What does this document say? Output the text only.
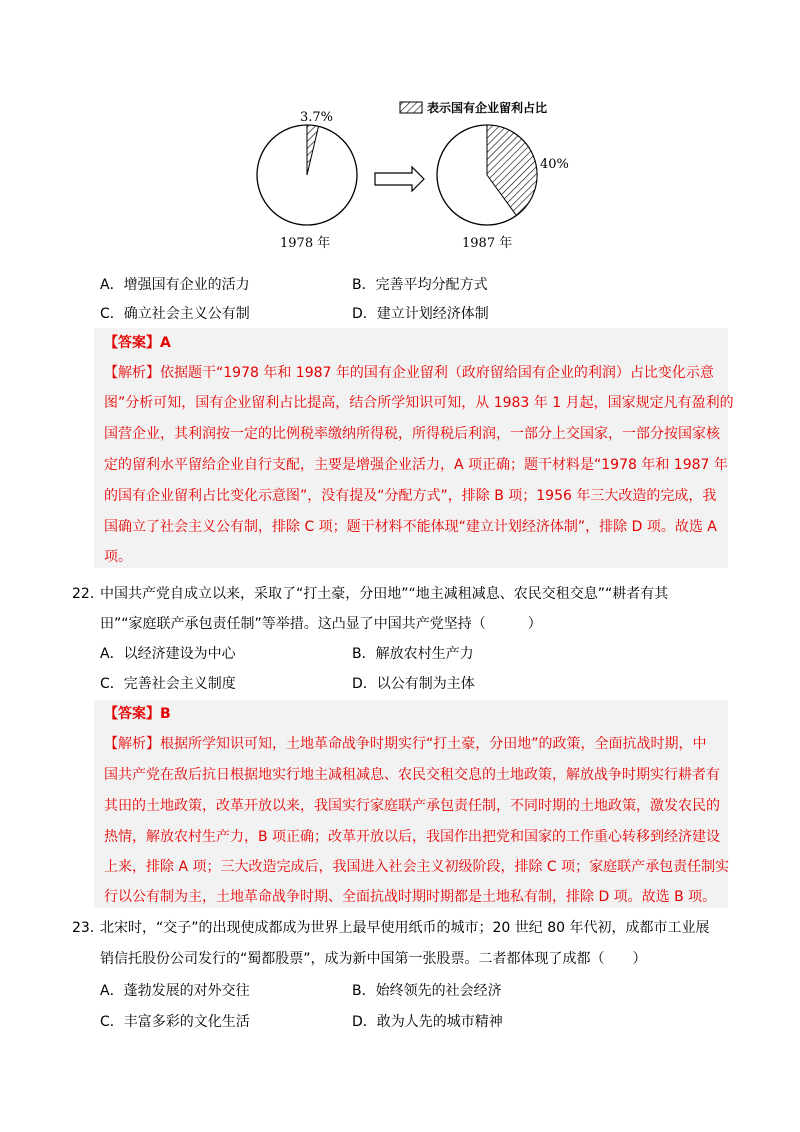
3.7%
1978 年
40%
1987 年
表示国有企业留利占比
A．增强国有企业的活力	B．完善平均分配方式
C．确立社会主义公有制	D．建立计划经济体制
【答案】A
【解析】依据题干“1978 年和 1987 年的国有企业留利（政府留给国有企业的利润）占比变化示意
图”分析可知，国有企业留利占比提高，结合所学知识可知，从 1983 年 1 月起，国家规定凡有盈利的
国营企业，其利润按一定的比例税率缴纳所得税，所得税后利润，一部分上交国家，一部分按国家核
定的留利水平留给企业自行支配，主要是增强企业活力，A 项正确；题干材料是“1978 年和 1987 年
的国有企业留利占比变化示意图”，没有提及“分配方式”，排除 B 项；1956 年三大改造的完成，我
国确立了社会主义公有制，排除 C 项；题干材料不能体现“建立计划经济体制”，排除 D 项。故选 A
项。
22．
中国共产党自成立以来，采取了“打土豪，分田地”“地主减租减息、农民交租交息”“耕者有其
田”“家庭联产承包责任制”等举措。这凸显了中国共产党坚持（　　　）
A．以经济建设为中心	B．解放农村生产力
C．完善社会主义制度	D．以公有制为主体
【答案】B
【解析】根据所学知识可知，土地革命战争时期实行“打土豪，分田地”的政策，全面抗战时期，中
国共产党在敌后抗日根据地实行地主减租减息、农民交租交息的土地政策，解放战争时期实行耕者有
其田的土地政策，改革开放以来，我国实行家庭联产承包责任制，不同时期的土地政策，激发农民的
热情，解放农村生产力，B 项正确；改革开放以后，我国作出把党和国家的工作重心转移到经济建设
上来，排除 A 项；三大改造完成后，我国进入社会主义初级阶段，排除 C 项；家庭联产承包责任制实
行以公有制为主，土地革命战争时期、全面抗战时期时期都是土地私有制，排除 D 项。故选 B 项。
23．
北宋时，“交子”的出现使成都成为世界上最早使用纸币的城市；20 世纪 80 年代初，成都市工业展
销信托股份公司发行的“蜀都股票”，成为新中国第一张股票。二者都体现了成都（　　）
A．蓬勃发展的对外交往	B．始终领先的社会经济
C．丰富多彩的文化生活	D．敢为人先的城市精神
